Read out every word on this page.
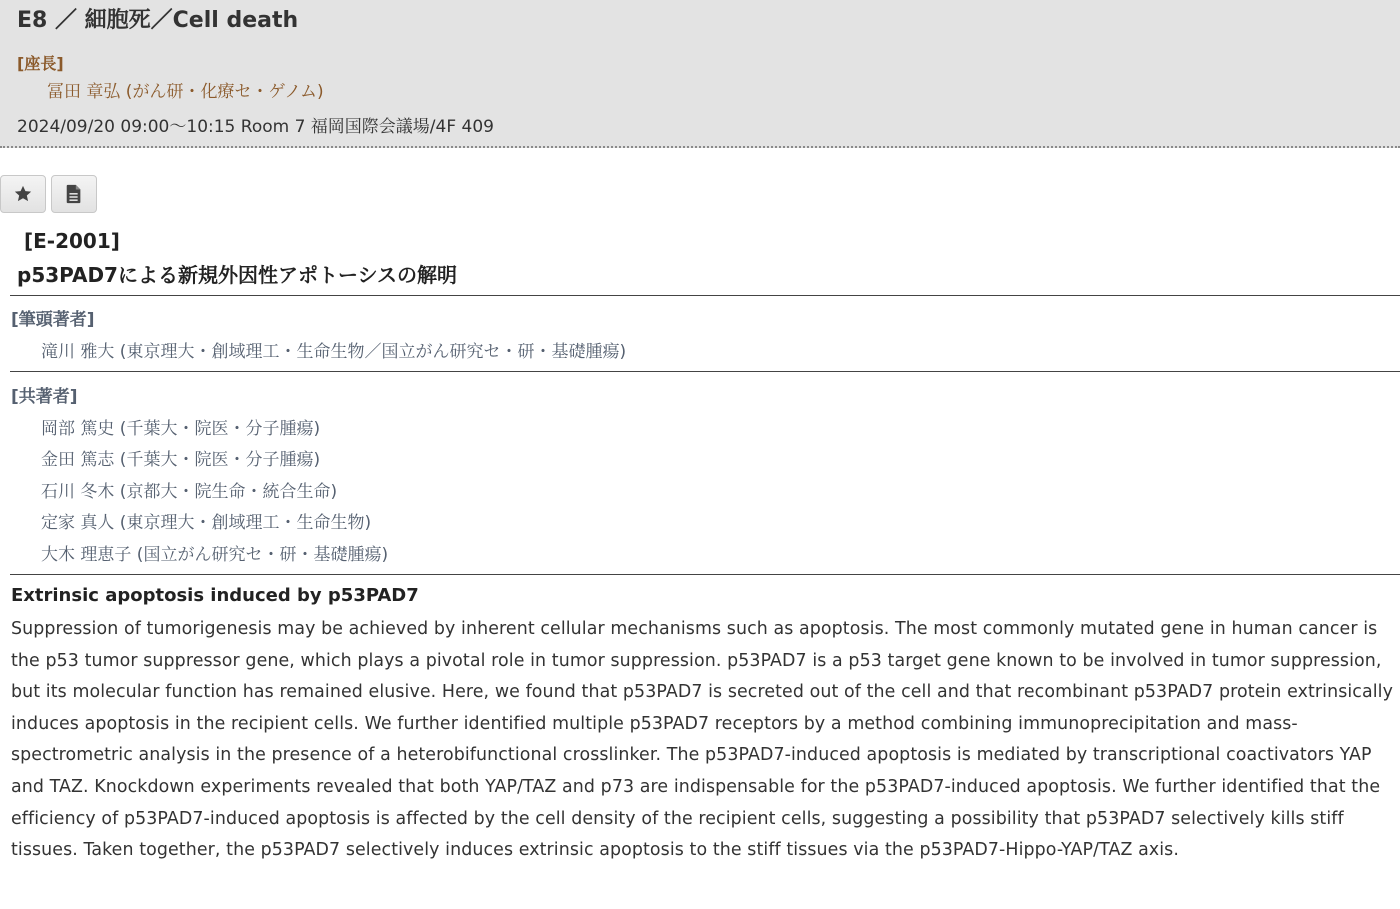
E8 ／ 細胞死／Cell death
[座長]
冨田 章弘 (がん研・化療セ・ゲノム)
2024/09/20 09:00～10:15 Room 7 福岡国際会議場/4F 409
[E-2001]
p53PAD7による新規外因性アポトーシスの解明
[筆頭著者]
滝川 雅大 (東京理大・創域理工・生命生物／国立がん研究セ・研・基礎腫瘍)
[共著者]
岡部 篤史 (千葉大・院医・分子腫瘍)
金田 篤志 (千葉大・院医・分子腫瘍)
石川 冬木 (京都大・院生命・統合生命)
定家 真人 (東京理大・創域理工・生命生物)
大木 理恵子 (国立がん研究セ・研・基礎腫瘍)
Extrinsic apoptosis induced by p53PAD7
Suppression of tumorigenesis may be achieved by inherent cellular mechanisms such as apoptosis. The most commonly mutated gene in human cancer is the p53 tumor suppressor gene, which plays a pivotal role in tumor suppression. p53PAD7 is a p53 target gene known to be involved in tumor suppression, but its molecular function has remained elusive. Here, we found that p53PAD7 is secreted out of the cell and that recombinant p53PAD7 protein extrinsically induces apoptosis in the recipient cells. We further identified multiple p53PAD7 receptors by a method combining immunoprecipitation and mass-spectrometric analysis in the presence of a heterobifunctional crosslinker. The p53PAD7-induced apoptosis is mediated by transcriptional coactivators YAP and TAZ. Knockdown experiments revealed that both YAP/TAZ and p73 are indispensable for the p53PAD7-induced apoptosis. We further identified that the efficiency of p53PAD7-induced apoptosis is affected by the cell density of the recipient cells, suggesting a possibility that p53PAD7 selectively kills stiff tissues. Taken together, the p53PAD7 selectively induces extrinsic apoptosis to the stiff tissues via the p53PAD7-Hippo-YAP/TAZ axis.
